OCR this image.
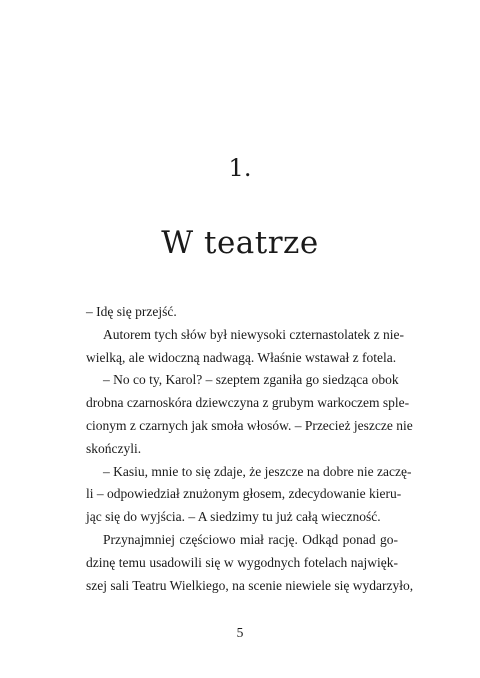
1.
W teatrze
– Idę się przejść.
Autorem tych słów był niewysoki czternastolatek z nie-
wielką, ale widoczną nadwagą. Właśnie wstawał z fotela.
– No co ty, Karol? – szeptem zganiła go siedząca obok
drobna czarnoskóra dziewczyna z grubym warkoczem sple-
cionym z czarnych jak smoła włosów. – Przecież jeszcze nie
skończyli.
– Kasiu, mnie to się zdaje, że jeszcze na dobre nie zaczę-
li – odpowiedział znużonym głosem, zdecydowanie kieru-
jąc się do wyjścia. – A siedzimy tu już całą wieczność.
Przynajmniej częściowo miał rację. Odkąd ponad go-
dzinę temu usadowili się w wygodnych fotelach najwięk-
szej sali Teatru Wielkiego, na scenie niewiele się wydarzyło,
5
